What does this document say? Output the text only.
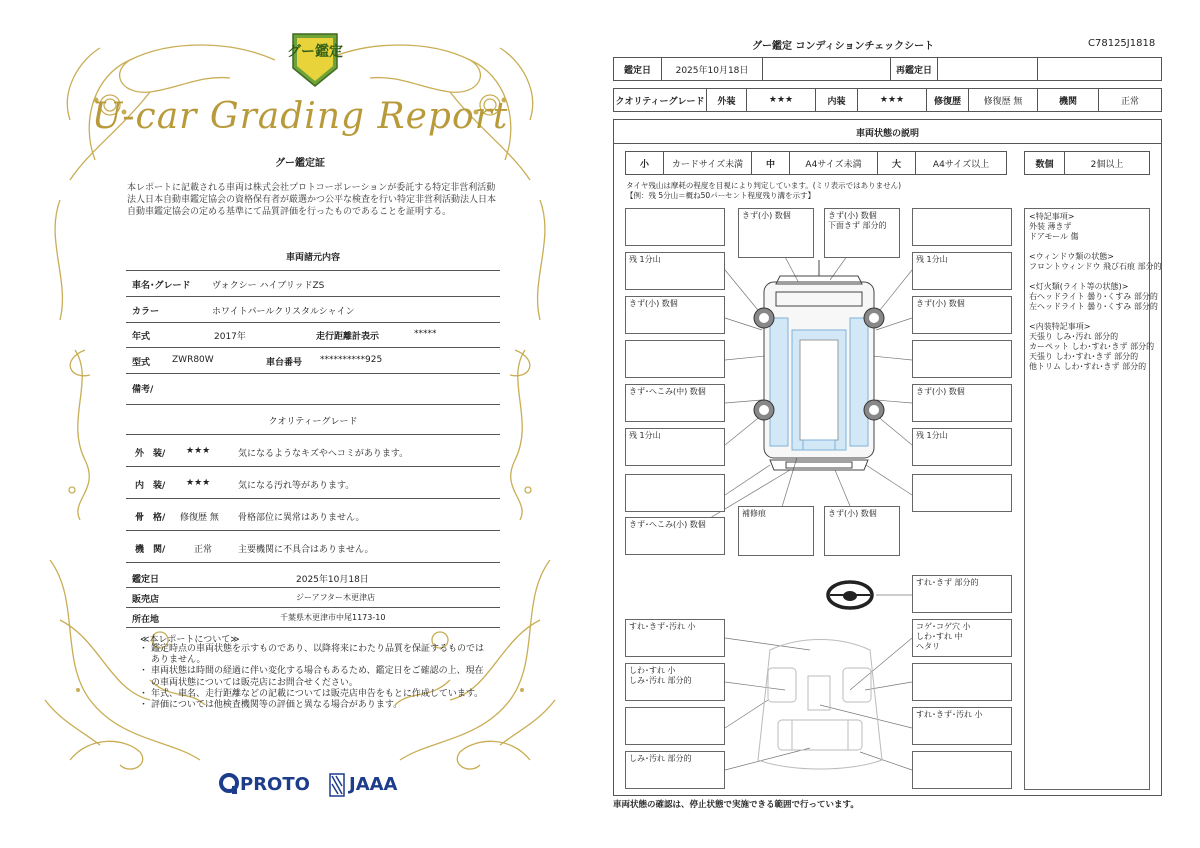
グー鑑定
U-car Grading Report
グー鑑定証
本レポートに記載される車両は株式会社プロトコーポレーションが委託する特定非営利活動法人日本自動車鑑定協会の資格保有者が厳選かつ公平な検査を行い特定非営利活動法人日本自動車鑑定協会の定める基準にて品質評価を行ったものであることを証明する。
車両諸元内容
車名･グレード ヴォクシー ハイブリッドZS
カラー	ホワイトパールクリスタルシャイン
年式	2017年	走行距離計表示	*****
型式 ZWR80W	車台番号 **********925
備考/
クオリティーグレード
外　装/ ★★★	気になるようなキズやヘコミがあります。
内　装/ ★★★	気になる汚れ等があります。
骨　格/ 修復歴 無 骨格部位に異常はありません。
機　関/	正常	主要機関に不具合はありません。
鑑定日	2025年10月18日
販売店	ジーアフター木更津店
所在地	千葉県木更津市中尾1173-10
≪本レポートについて≫
・ 鑑定時点の車両状態を示すものであり、以降将来にわたり品質を保証するものではありません。
・ 車両状態は時間の経過に伴い変化する場合もあるため、鑑定日をご確認の上、現在の車両状態については販売店にお問合せください。
・ 年式、車名、走行距離などの記載については販売店申告をもとに作成しています。
・ 評価については他検査機関等の評価と異なる場合があります。
PROTO JAAA
グー鑑定 コンディションチェックシート	C78125J1818
鑑定日	2025年10月18日	再鑑定日
クオリティーグレード	外装	★★★	内装	★★★	修復歴	修復歴 無	機関	正常
車両状態の説明
小	カードサイズ未満	中	A4サイズ未満	大	A4サイズ以上	数個	2個以上
タイヤ残山は摩耗の程度を目視により判定しています。(ミリ表示ではありません)
【例：残 5分山＝概ね50パーセント程度残り溝を示す】
きず(小) 数個	きず(小) 数個
下面きず 部分的
残 1分山	残 1分山
きず(小) 数個	きず(小) 数個
きず･へこみ(中) 数個	きず(小) 数個
残 1分山	残 1分山
きず･へこみ(小) 数個
補修痕	きず(小) 数個
すれ･きず 部分的
すれ･きず･汚れ 小	コゲ･コゲ穴 小
しわ･すれ 中
ヘタリ
しわ･すれ 小
しみ･汚れ 部分的
すれ･きず･汚れ 小
しみ･汚れ 部分的
<特記事項>
外装 薄きず
ドアモール 傷
<ウィンドウ類の状態>
フロントウィンドウ 飛び石痕 部分的
<灯火類(ライト等の状態)>
右ヘッドライト 曇り･くすみ 部分的
左ヘッドライト 曇り･くすみ 部分的
<内装特記事項>
天張り しみ･汚れ 部分的
カーペット しわ･すれ･きず 部分的
天張り しわ･すれ･きず 部分的
他トリム しわ･すれ･きず 部分的
車両状態の確認は、停止状態で実施できる範囲で行っています。
